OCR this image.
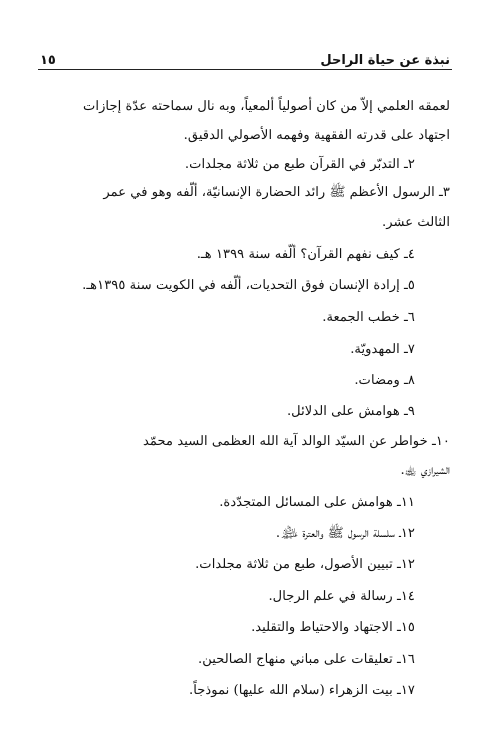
نبذة عن حياة الراحل
١٥
لعمقه العلمي إلاّ من كان أصولياً ألمعياً، وبه نال سماحته عدّة إجازات
اجتهاد على قدرته الفقهية وفهمه الأصولي الدقيق.
٢ـ التدبّر في القرآن طبع من ثلاثة مجلدات.
٣ـ الرسول الأعظم ﷺ رائد الحضارة الإنسانيّة، ألّفه وهو في عمر
الثالث عشر.
٤ـ كيف نفهم القرآن؟ ألّفه سنة ١٣٩٩ هـ.
٥ـ إرادة الإنسان فوق التحديات، ألّفه في الكويت سنة ١٣٩٥هـ.
٦ـ خطب الجمعة.
٧ـ المهدويّة.
٨ـ ومضات.
٩ـ هوامش على الدلائل.
١٠ـ خواطر عن السيّد الوالد آية الله العظمى السيد محمّد
الشيرازي ﵀.
١١ـ هوامش على المسائل المتجدّدة.
١٢ـ سلسلة الرسول ﷺ والعترة ﵈.
١٢ـ تبيين الأصول، طبع من ثلاثة مجلدات.
١٤ـ رسالة في علم الرجال.
١٥ـ الاجتهاد والاحتياط والتقليد.
١٦ـ تعليقات على مباني منهاج الصالحين.
١٧ـ بيت الزهراء (سلام الله عليها) نموذجاً.
